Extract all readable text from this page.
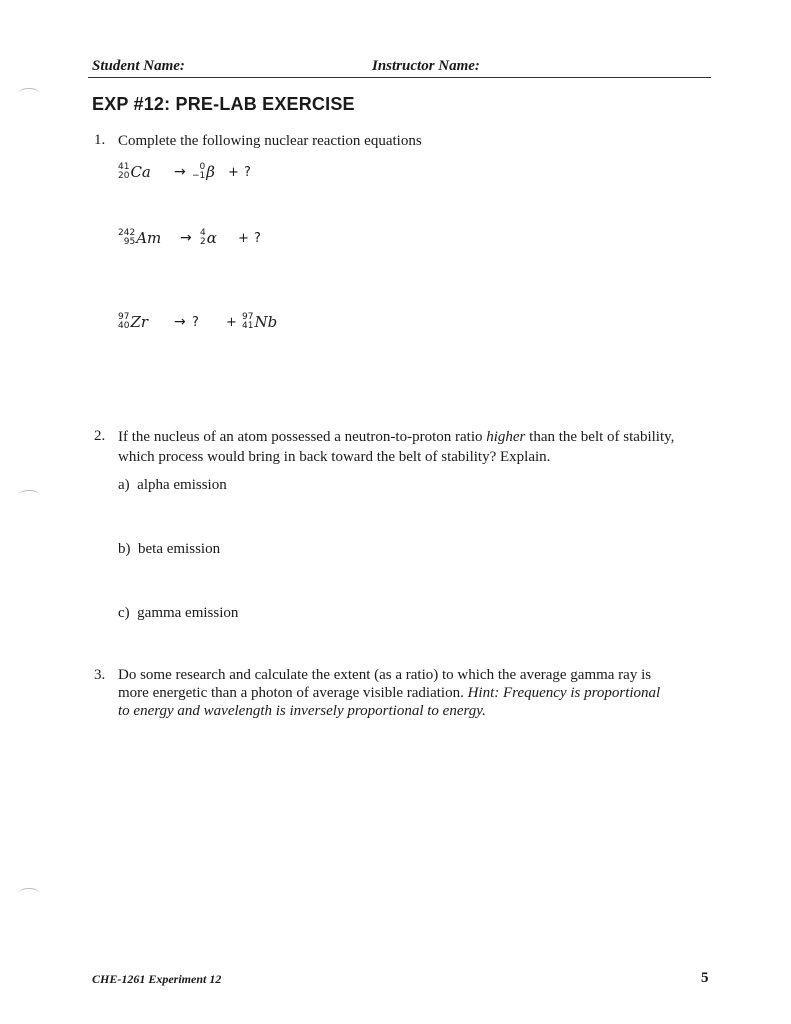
Student Name:	Instructor Name:
EXP #12: PRE-LAB EXERCISE
1. Complete the following nuclear reaction equations
41
20 Ca →	0
−1 β + ?
242
95 Am → 4
2 α + ?
97
40 Zr → ? + 97
41 Nb
2. If the nucleus of an atom possessed a neutron-to-proton ratio higher than the belt of stability,
which process would bring in back toward the belt of stability? Explain.
a) alpha emission
b) beta emission
c) gamma emission
3. Do some research and calculate the extent (as a ratio) to which the average gamma ray is
more energetic than a photon of average visible radiation. Hint: Frequency is proportional
to energy and wavelength is inversely proportional to energy.
CHE-1261 Experiment 12	5
